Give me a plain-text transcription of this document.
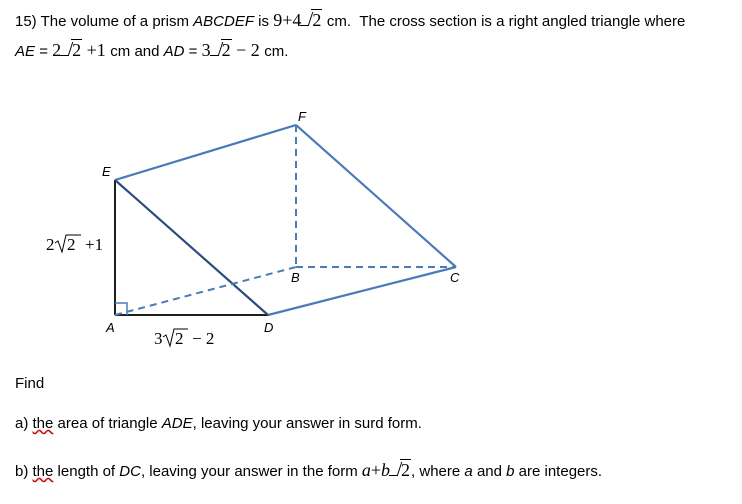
15) The volume of a prism ABCDEF is 9+4 2 cm. The cross section is a right angled triangle where
AE = 2 2 +1 cm and AD = 3 2 − 2 cm.
E
F
A	D
B	C
2 2 +1
3 2 − 2
Find
a) the area of triangle ADE, leaving your answer in surd form.
b) the length of DC, leaving your answer in the form a+b 2, where a and b are integers.
